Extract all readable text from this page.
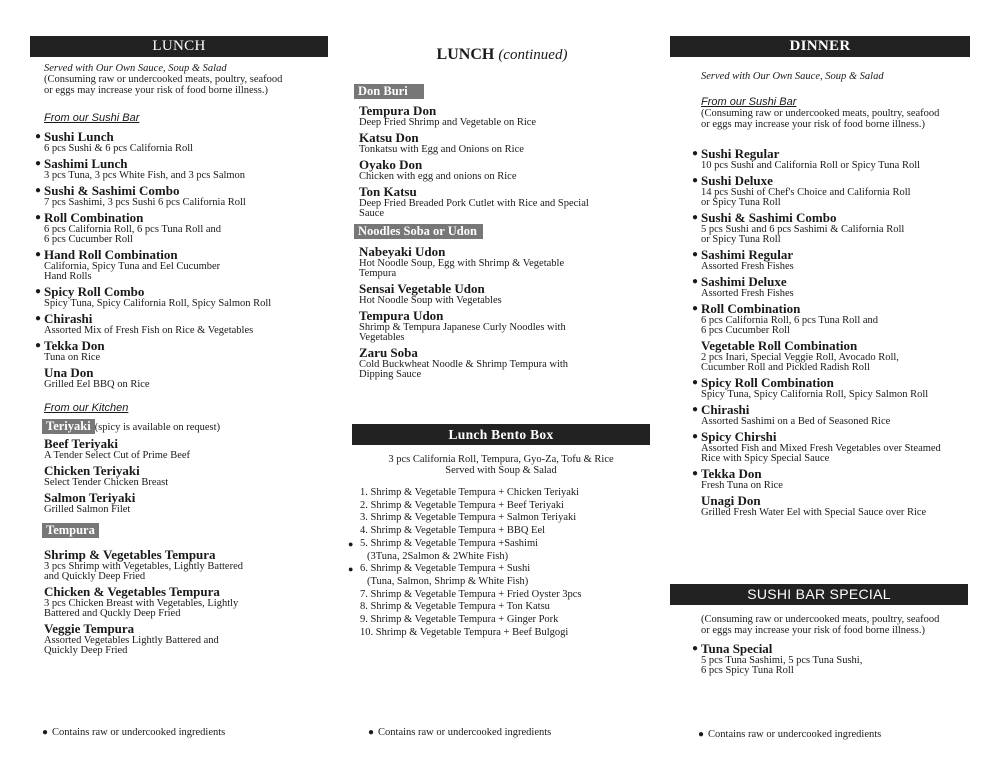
LUNCH
Served with Our Own Sauce, Soup & Salad
(Consuming raw or undercooked meats, poultry, seafood
or eggs may increase your risk of food borne illness.)
From our Sushi Bar
● Sushi Lunch
6 pcs Sushi & 6 pcs California Roll
● Sashimi Lunch
3 pcs Tuna, 3 pcs White Fish, and 3 pcs Salmon
● Sushi & Sashimi Combo
7 pcs Sashimi, 3 pcs Sushi 6 pcs California Roll
● Roll Combination
6 pcs California Roll, 6 pcs Tuna Roll and
6 pcs Cucumber Roll
● Hand Roll Combination
California, Spicy Tuna and Eel Cucumber
Hand Rolls
● Spicy Roll Combo
Spicy Tuna, Spicy California Roll, Spicy Salmon Roll
● Chirashi
Assorted Mix of Fresh Fish on Rice & Vegetables
● Tekka Don
Tuna on Rice
Una Don
Grilled Eel BBQ on Rice
From our Kitchen
Teriyaki (spicy is available on request)
Beef Teriyaki
A Tender Select Cut of Prime Beef
Chicken Teriyaki
Select Tender Chicken Breast
Salmon Teriyaki
Grilled Salmon Filet
Tempura
Shrimp & Vegetables Tempura
3 pcs Shrimp with Vegetables, Lightly Battered
and Quickly Deep Fried
Chicken & Vegetables Tempura
3 pcs Chicken Breast with Vegetables, Lightly
Battered and Quckly Deep Fried
Veggie Tempura
Assorted Vegetables Lightly Battered and
Quickly Deep Fried
● Contains raw or undercooked ingredients
LUNCH (continued)
Don Buri
Tempura Don
Deep Fried Shrimp and Vegetable on Rice
Katsu Don
Tonkatsu with Egg and Onions on Rice
Oyako Don
Chicken with egg and onions on Rice
Ton Katsu
Deep Fried Breaded Pork Cutlet with Rice and Special
Sauce
Noodles Soba or Udon
Nabeyaki Udon
Hot Noodle Soup, Egg with Shrimp & Vegetable
Tempura
Sensai Vegetable Udon
Hot Noodle Soup with Vegetables
Tempura Udon
Shrimp & Tempura Japanese Curly Noodles with
Vegetables
Zaru Soba
Cold Buckwheat Noodle & Shrimp Tempura with
Dipping Sauce
Lunch Bento Box
3 pcs California Roll, Tempura, Gyo-Za, Tofu & Rice
Served with Soup & Salad
1. Shrimp & Vegetable Tempura + Chicken Teriyaki
2. Shrimp & Vegetable Tempura + Beef Teriyaki
3. Shrimp & Vegetable Tempura + Salmon Teriyaki
4. Shrimp & Vegetable Tempura + BBQ Eel
● 5. Shrimp & Vegetable Tempura +Sashimi
(3Tuna, 2Salmon & 2White Fish)
● 6. Shrimp & Vegetable Tempura + Sushi
(Tuna, Salmon, Shrimp & White Fish)
7. Shrimp & Vegetable Tempura + Fried Oyster 3pcs
8. Shrimp & Vegetable Tempura + Ton Katsu
9. Shrimp & Vegetable Tempura + Ginger Pork
10. Shrimp & Vegetable Tempura + Beef Bulgogi
● Contains raw or undercooked ingredients
DINNER
Served with Our Own Sauce, Soup & Salad
From our Sushi Bar
(Consuming raw or undercooked meats, poultry, seafood
or eggs may increase your risk of food borne illness.)
● Sushi Regular
10 pcs Sushi and California Roll or Spicy Tuna Roll
● Sushi Deluxe
14 pcs Sushi of Chef's Choice and California Roll
or Spicy Tuna Roll
● Sushi & Sashimi Combo
5 pcs Sushi and 6 pcs Sashimi & California Roll
or Spicy Tuna Roll
● Sashimi Regular
Assorted Fresh Fishes
● Sashimi Deluxe
Assorted Fresh Fishes
● Roll Combination
6 pcs California Roll, 6 pcs Tuna Roll and
6 pcs Cucumber Roll
Vegetable Roll Combination
2 pcs Inari, Special Veggie Roll, Avocado Roll,
Cucumber Roll and Pickled Radish Roll
● Spicy Roll Combination
Spicy Tuna, Spicy California Roll, Spicy Salmon Roll
● Chirashi
Assorted Sashimi on a Bed of Seasoned Rice
● Spicy Chirshi
Assorted Fish and Mixed Fresh Vegetables over Steamed
Rice with Spicy Special Sauce
● Tekka Don
Fresh Tuna on Rice
Unagi Don
Grilled Fresh Water Eel with Special Sauce over Rice
SUSHI BAR SPECIAL
(Consuming raw or undercooked meats, poultry, seafood
or eggs may increase your risk of food borne illness.)
● Tuna Special
5 pcs Tuna Sashimi, 5 pcs Tuna Sushi,
6 pcs Spicy Tuna Roll
● Contains raw or undercooked ingredients
